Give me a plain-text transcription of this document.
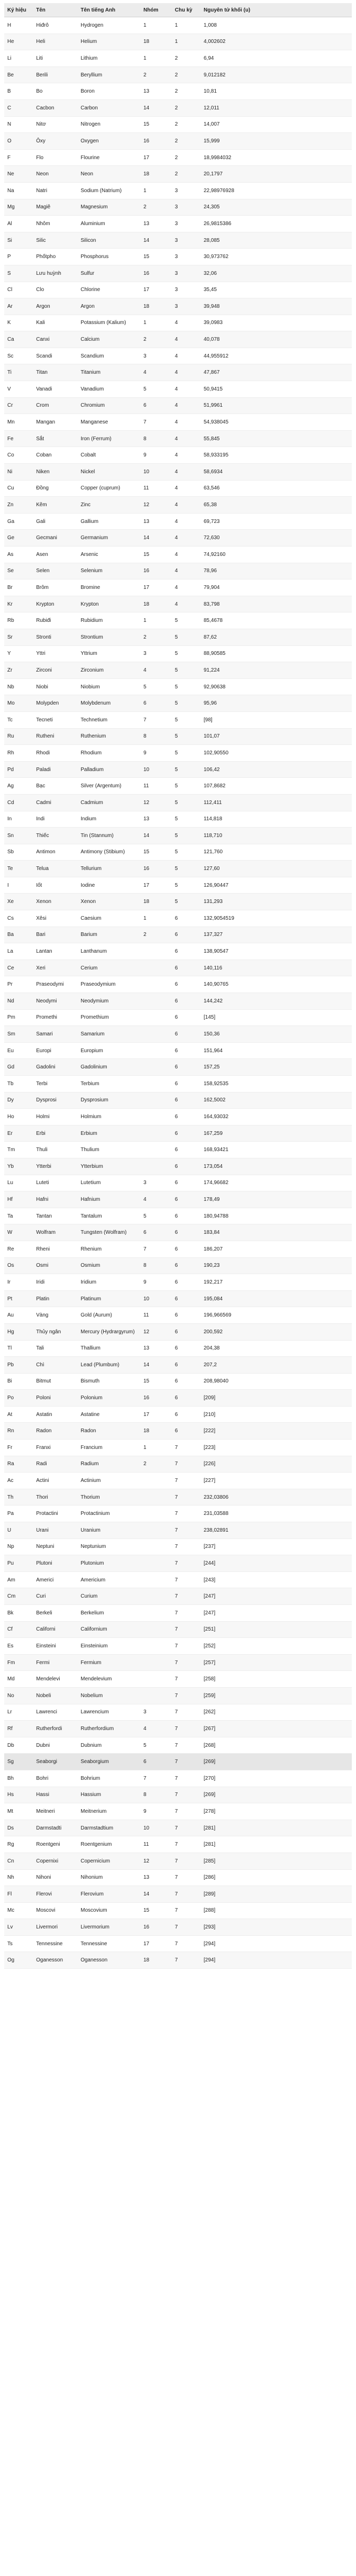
Ký hiệu	Tên	Tên tiếng Anh	Nhóm	Chu kỳ	Nguyên tử khối (u)
H	Hiđrô	Hydrogen	1	1	1,008
He	Heli	Helium	18	1	4,002602
Li	Liti	Lithium	1	2	6,94
Be	Berili	Beryllium	2	2	9,012182
B	Bo	Boron	13	2	10,81
C	Cacbon	Carbon	14	2	12,011
N	Nitơ	Nitrogen	15	2	14,007
O	Ôxy	Oxygen	16	2	15,999
F	Flo	Flourine	17	2	18,9984032
Ne	Neon	Neon	18	2	20,1797
Na	Natri	Sodium (Natrium)	1	3	22,98976928
Mg	Magiê	Magnesium	2	3	24,305
Al	Nhôm	Aluminium	13	3	26,9815386
Si	Silic	Silicon	14	3	28,085
P	Phốtpho	Phosphorus	15	3	30,973762
S	Lưu huỳnh	Sulfur	16	3	32,06
Cl	Clo	Chlorine	17	3	35,45
Ar	Argon	Argon	18	3	39,948
K	Kali	Potassium (Kalium)	1	4	39,0983
Ca	Canxi	Calcium	2	4	40,078
Sc	Scandi	Scandium	3	4	44,955912
Ti	Titan	Titanium	4	4	47,867
V	Vanadi	Vanadium	5	4	50,9415
Cr	Crom	Chromium	6	4	51,9961
Mn	Mangan	Manganese	7	4	54,938045
Fe	Sắt	Iron (Ferrum)	8	4	55,845
Co	Coban	Cobalt	9	4	58,933195
Ni	Niken	Nickel	10	4	58,6934
Cu	Đồng	Copper (cuprum)	11	4	63,546
Zn	Kẽm	Zinc	12	4	65,38
Ga	Gali	Gallium	13	4	69,723
Ge	Gecmani	Germanium	14	4	72,630
As	Asen	Arsenic	15	4	74,92160
Se	Selen	Selenium	16	4	78,96
Br	Brôm	Bromine	17	4	79,904
Kr	Krypton	Krypton	18	4	83,798
Rb	Rubiđi	Rubidium	1	5	85,4678
Sr	Stronti	Strontium	2	5	87,62
Y	Yttri	Yttrium	3	5	88,90585
Zr	Zirconi	Zirconium	4	5	91,224
Nb	Niobi	Niobium	5	5	92,90638
Mo	Molypden	Molybdenum	6	5	95,96
Tc	Tecneti	Technetium	7	5	[98]
Ru	Rutheni	Ruthenium	8	5	101,07
Rh	Rhodi	Rhodium	9	5	102,90550
Pd	Paladi	Palladium	10	5	106,42
Ag	Bạc	Silver (Argentum)	11	5	107,8682
Cd	Cadmi	Cadmium	12	5	112,411
In	Indi	Indium	13	5	114,818
Sn	Thiếc	Tin (Stannum)	14	5	118,710
Sb	Antimon	Antimony (Stibium)	15	5	121,760
Te	Telua	Tellurium	16	5	127,60
I	Iốt	Iodine	17	5	126,90447
Xe	Xenon	Xenon	18	5	131,293
Cs	Xêsi	Caesium	1	6	132,9054519
Ba	Bari	Barium	2	6	137,327
La	Lantan	Lanthanum		6	138,90547
Ce	Xeri	Cerium		6	140,116
Pr	Praseodymi	Praseodymium		6	140,90765
Nd	Neodymi	Neodymium		6	144,242
Pm	Promethi	Promethium		6	[145]
Sm	Samari	Samarium		6	150,36
Eu	Europi	Europium		6	151,964
Gd	Gadolini	Gadolinium		6	157,25
Tb	Terbi	Terbium		6	158,92535
Dy	Dysprosi	Dysprosium		6	162,5002
Ho	Holmi	Holmium		6	164,93032
Er	Erbi	Erbium		6	167,259
Tm	Thuli	Thulium		6	168,93421
Yb	Ytterbi	Ytterbium		6	173,054
Lu	Luteti	Lutetium	3	6	174,96682
Hf	Hafni	Hafnium	4	6	178,49
Ta	Tantan	Tantalum	5	6	180,94788
W	Wolfram	Tungsten (Wolfram)	6	6	183,84
Re	Rheni	Rhenium	7	6	186,207
Os	Osmi	Osmium	8	6	190,23
Ir	Iridi	Iridium	9	6	192,217
Pt	Platin	Platinum	10	6	195,084
Au	Vàng	Gold (Aurum)	11	6	196,966569
Hg	Thủy ngân	Mercury (Hydrargyrum)	12	6	200,592
Tl	Tali	Thallium	13	6	204,38
Pb	Chì	Lead (Plumbum)	14	6	207,2
Bi	Bitmut	Bismuth	15	6	208,98040
Po	Poloni	Polonium	16	6	[209]
At	Astatin	Astatine	17	6	[210]
Rn	Radon	Radon	18	6	[222]
Fr	Franxi	Francium	1	7	[223]
Ra	Radi	Radium	2	7	[226]
Ac	Actini	Actinium		7	[227]
Th	Thori	Thorium		7	232,03806
Pa	Protactini	Protactinium		7	231,03588
U	Urani	Uranium		7	238,02891
Np	Neptuni	Neptunium		7	[237]
Pu	Plutoni	Plutonium		7	[244]
Am	Americi	Americium		7	[243]
Cm	Curi	Curium		7	[247]
Bk	Berkeli	Berkelium		7	[247]
Cf	Californi	Californium		7	[251]
Es	Einsteini	Einsteinium		7	[252]
Fm	Fermi	Fermium		7	[257]
Md	Mendelevi	Mendelevium		7	[258]
No	Nobeli	Nobelium		7	[259]
Lr	Lawrenci	Lawrencium	3	7	[262]
Rf	Rutherfordi	Rutherfordium	4	7	[267]
Db	Dubni	Dubnium	5	7	[268]
Sg	Seaborgi	Seaborgium	6	7	[269]
Bh	Bohri	Bohrium	7	7	[270]
Hs	Hassi	Hassium	8	7	[269]
Mt	Meitneri	Meitnerium	9	7	[278]
Ds	Darmstadti	Darmstadtium	10	7	[281]
Rg	Roentgeni	Roentgenium	11	7	[281]
Cn	Copernixi	Copernicium	12	7	[285]
Nh	Nihoni	Nihonium	13	7	[286]
Fl	Flerovi	Flerovium	14	7	[289]
Mc	Moscovi	Moscovium	15	7	[288]
Lv	Livermori	Livermorium	16	7	[293]
Ts	Tennessine	Tennessine	17	7	[294]
Og	Oganesson	Oganesson	18	7	[294]
